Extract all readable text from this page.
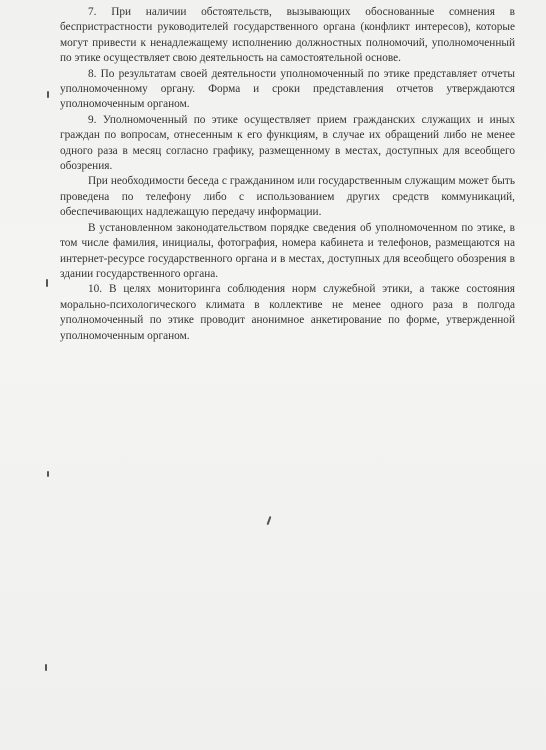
7. При наличии обстоятельств, вызывающих обоснованные сомнения в беспристрастности руководителей государственного органа (конфликт интересов), которые могут привести к ненадлежащему исполнению должностных полномочий, уполномоченный по этике осуществляет свою деятельность на самостоятельной основе.

8. По результатам своей деятельности уполномоченный по этике представляет отчеты уполномоченному органу. Форма и сроки представления отчетов утверждаются уполномоченным органом.

9. Уполномоченный по этике осуществляет прием гражданских служащих и иных граждан по вопросам, отнесенным к его функциям, в случае их обращений либо не менее одного раза в месяц согласно графику, размещенному в местах, доступных для всеобщего обозрения.

При необходимости беседа с гражданином или государственным служащим может быть проведена по телефону либо с использованием других средств коммуникаций, обеспечивающих надлежащую передачу информации.

В установленном законодательством порядке сведения об уполномоченном по этике, в том числе фамилия, инициалы, фотография, номера кабинета и телефонов, размещаются на интернет-ресурсе государственного органа и в местах, доступных для всеобщего обозрения в здании государственного органа.

10. В целях мониторинга соблюдения норм служебной этики, а также состояния морально-психологического климата в коллективе не менее одного раза в полгода уполномоченный по этике проводит анонимное анкетирование по форме, утвержденной уполномоченным органом.
